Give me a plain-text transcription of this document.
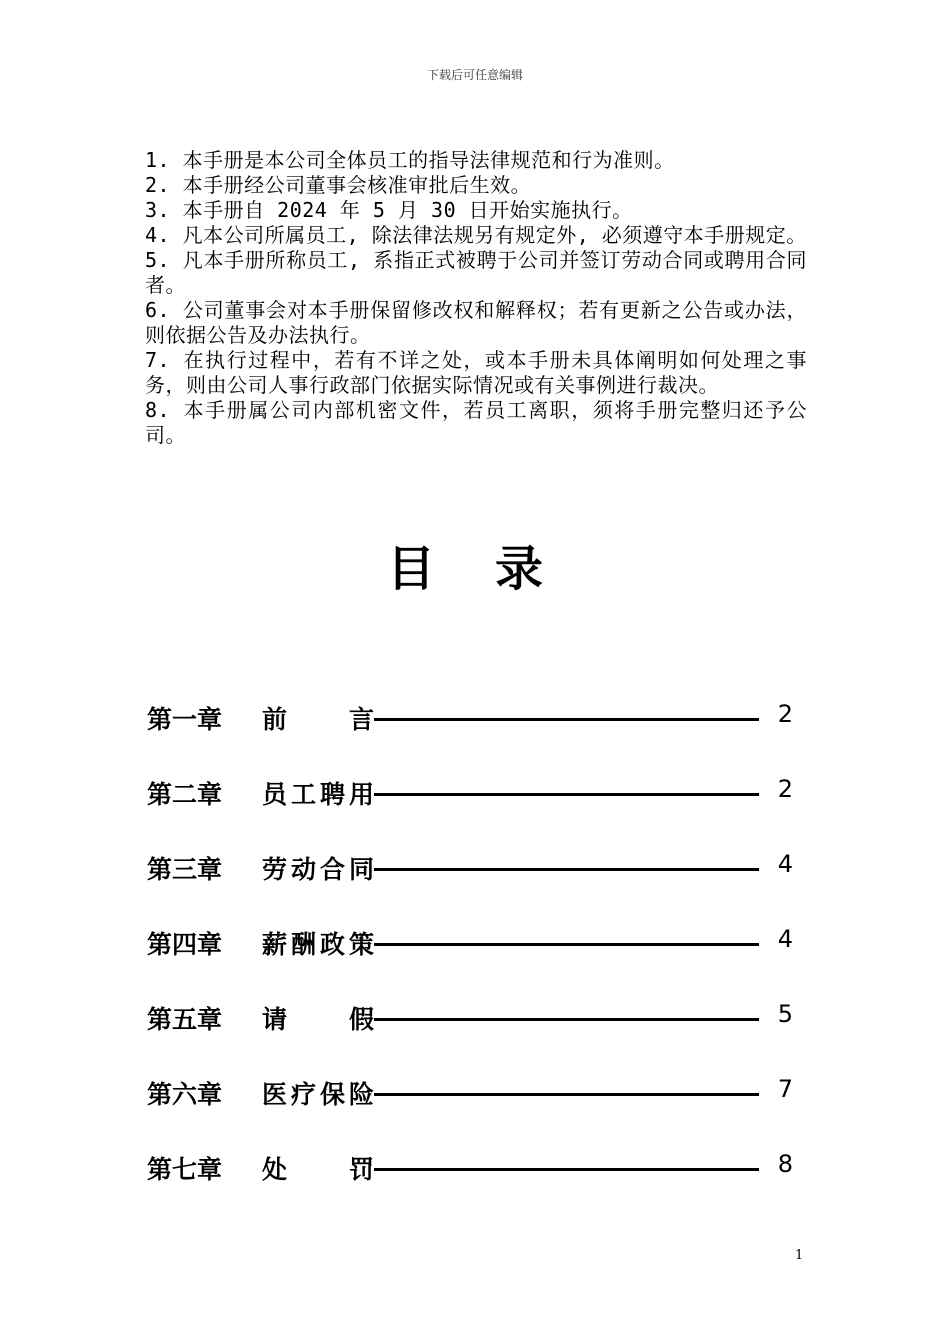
下载后可任意编辑
1. 本手册是本公司全体员工的指导法律规范和行为准则。
2. 本手册经公司董事会核准审批后生效。
3. 本手册自 2024 年 5 月 30 日开始实施执行。
4. 凡本公司所属员工, 除法律法规另有规定外, 必须遵守本手册规定。
5. 凡本手册所称员工, 系指正式被聘于公司并签订劳动合同或聘用合同者。
6. 公司董事会对本手册保留修改权和解释权；若有更新之公告或办法，则依据公告及办法执行。
7. 在执行过程中，若有不详之处，或本手册未具体阐明如何处理之事务，则由公司人事行政部门依据实际情况或有关事例进行裁决。
8. 本手册属公司内部机密文件，若员工离职，须将手册完整归还予公司。
目录
第一章	前 言	2
第二章	员 工 聘 用	2
第三章	劳 动 合 同	4
第四章	薪 酬 政 策	4
第五章	请 假	5
第六章	医 疗 保 险	7
第七章	处 罚	8
1
